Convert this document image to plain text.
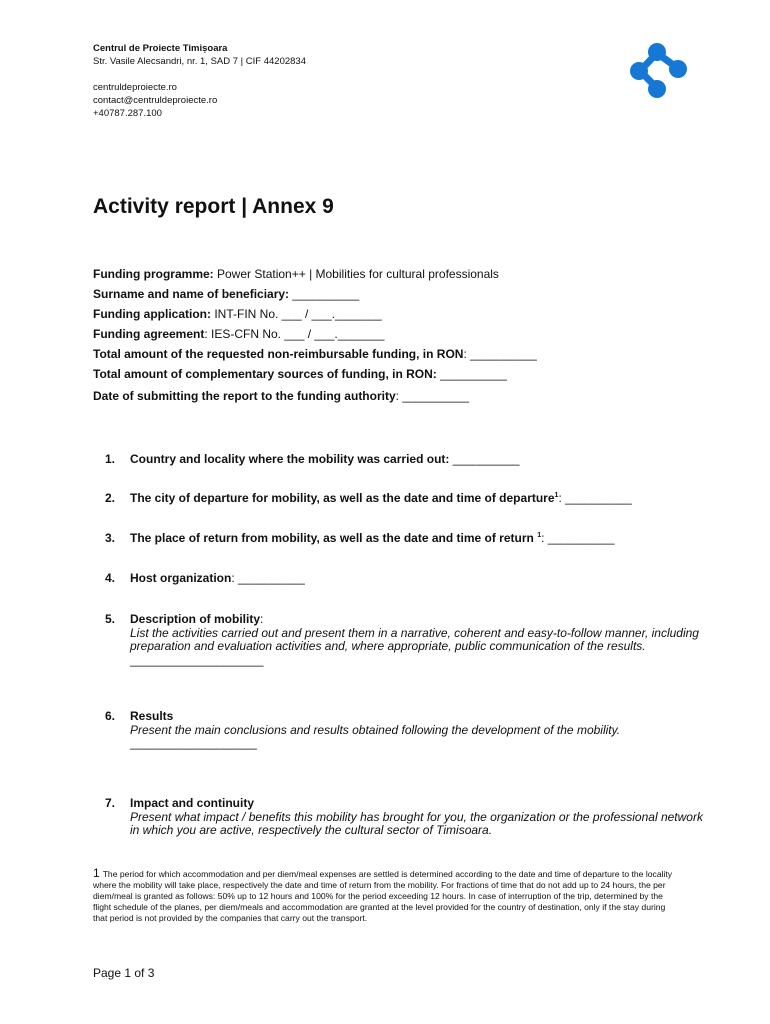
Centrul de Proiecte Timișoara
Str. Vasile Alecsandri, nr. 1, SAD 7 | CIF 44202834
centruldeproiecte.ro
contact@centruldeproiecte.ro
+40787.287.100
Activity report | Annex 9
Funding programme: Power Station++ | Mobilities for cultural professionals
Surname and name of beneficiary: __________
Funding application: INT-FIN No. ___ / ___._______
Funding agreement: IES-CFN No. ___ / ___._______
Total amount of the requested non-reimbursable funding, in RON: __________
Total amount of complementary sources of funding, in RON: __________
Date of submitting the report to the funding authority: __________
1. Country and locality where the mobility was carried out: __________
2. The city of departure for mobility, as well as the date and time of departure$^1$: __________
3. The place of return from mobility, as well as the date and time of return $^1$: __________
4. Host organization: __________
5. Description of mobility:
List the activities carried out and present them in a narrative, coherent and easy-to-follow manner, including preparation and evaluation activities and, where appropriate, public communication of the results.
____________________
6. Results
Present the main conclusions and results obtained following the development of the mobility.
___________________
7. Impact and continuity
Present what impact / benefits this mobility has brought for you, the organization or the professional network in which you are active, respectively the cultural sector of Timisoara.
1 The period for which accommodation and per diem/meal expenses are settled is determined according to the date and time of departure to the locality where the mobility will take place, respectively the date and time of return from the mobility. For fractions of time that do not add up to 24 hours, the per diem/meal is granted as follows: 50% up to 12 hours and 100% for the period exceeding 12 hours. In case of interruption of the trip, determined by the flight schedule of the planes, per diem/meals and accommodation are granted at the level provided for the country of destination, only if the stay during that period is not provided by the companies that carry out the transport.
Page 1 of 3
